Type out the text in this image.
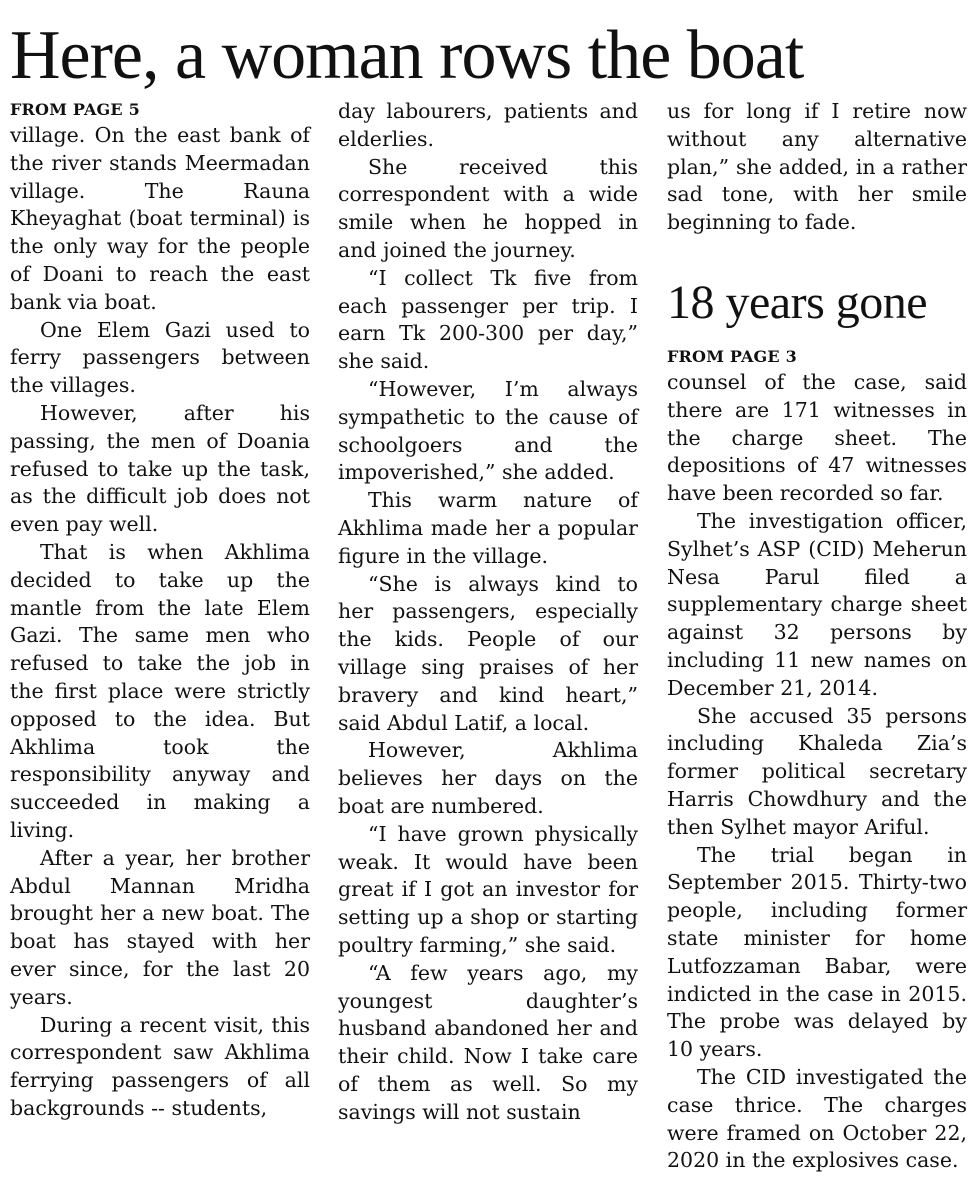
Here, a woman rows the boat

FROM PAGE 5

village. On the east bank of the river stands Meermadan village. The Rauna Kheyaghat (boat terminal) is the only way for the people of Doani to reach the east bank via boat.

One Elem Gazi used to ferry passengers between the villages.

However, after his passing, the men of Doania refused to take up the task, as the difficult job does not even pay well.

That is when Akhlima decided to take up the mantle from the late Elem Gazi. The same men who refused to take the job in the first place were strictly opposed to the idea. But Akhlima took the responsibility anyway and succeeded in making a living.

After a year, her brother Abdul Mannan Mridha brought her a new boat. The boat has stayed with her ever since, for the last 20 years.

During a recent visit, this correspondent saw Akhlima ferrying passengers of all backgrounds -- students,

day labourers, patients and elderlies.

She received this correspondent with a wide smile when he hopped in and joined the journey.

“I collect Tk five from each passenger per trip. I earn Tk 200-300 per day,” she said.

“However, I’m always sympathetic to the cause of schoolgoers and the impoverished,” she added.

This warm nature of Akhlima made her a popular figure in the village.

“She is always kind to her passengers, especially the kids. People of our village sing praises of her bravery and kind heart,” said Abdul Latif, a local.

However, Akhlima believes her days on the boat are numbered.

“I have grown physically weak. It would have been great if I got an investor for setting up a shop or starting poultry farming,” she said.

“A few years ago, my youngest daughter’s husband abandoned her and their child. Now I take care of them as well. So my savings will not sustain

us for long if I retire now without any alternative plan,” she added, in a rather sad tone, with her smile beginning to fade.

18 years gone

FROM PAGE 3

counsel of the case, said there are 171 witnesses in the charge sheet. The depositions of 47 witnesses have been recorded so far.

The investigation officer, Sylhet’s ASP (CID) Meherun Nesa Parul filed a supplementary charge sheet against 32 persons by including 11 new names on December 21, 2014.

She accused 35 persons including Khaleda Zia’s former political secretary Harris Chowdhury and the then Sylhet mayor Ariful.

The trial began in September 2015. Thirty-two people, including former state minister for home Lutfozzaman Babar, were indicted in the case in 2015. The probe was delayed by 10 years.

The CID investigated the case thrice. The charges were framed on October 22, 2020 in the explosives case.
